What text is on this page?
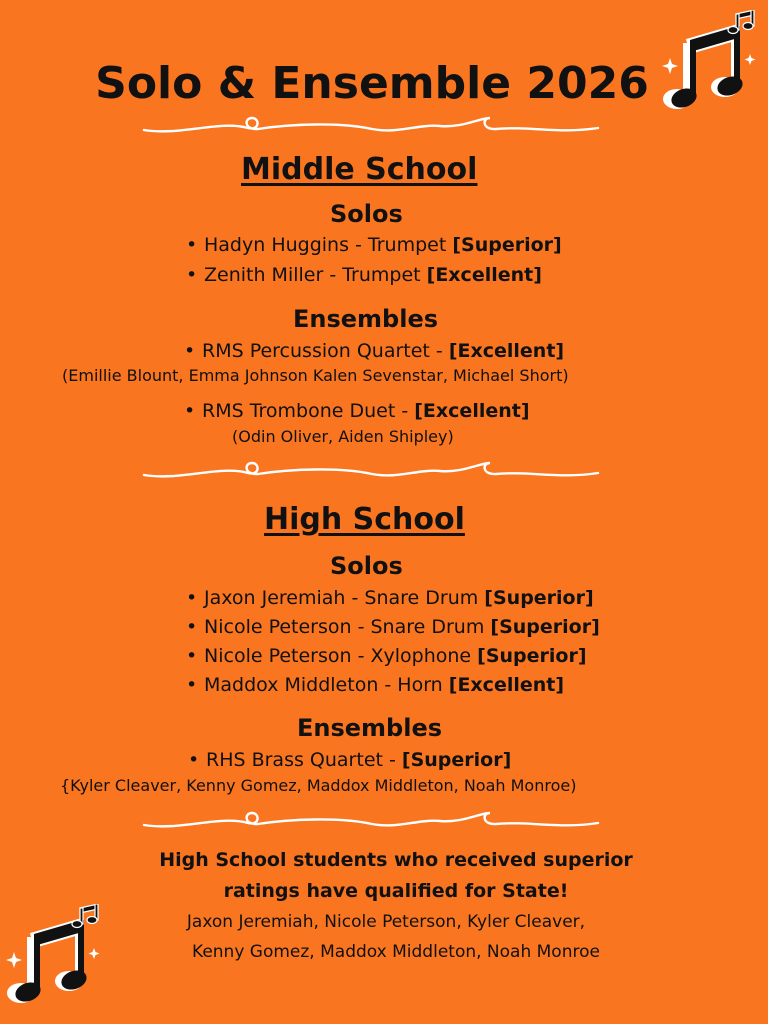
Solo & Ensemble 2026
Middle School
Solos
• Hadyn Huggins - Trumpet [Superior]
• Zenith Miller - Trumpet [Excellent]
Ensembles
• RMS Percussion Quartet - [Excellent]
(Emillie Blount, Emma Johnson Kalen Sevenstar, Michael Short)
• RMS Trombone Duet - [Excellent]
(Odin Oliver, Aiden Shipley)
High School
Solos
• Jaxon Jeremiah - Snare Drum [Superior]
• Nicole Peterson - Snare Drum [Superior]
• Nicole Peterson - Xylophone [Superior]
• Maddox Middleton - Horn [Excellent]
Ensembles
• RHS Brass Quartet - [Superior]
{Kyler Cleaver, Kenny Gomez, Maddox Middleton, Noah Monroe)
High School students who received superior
ratings have qualified for State!
Jaxon Jeremiah, Nicole Peterson, Kyler Cleaver,
Kenny Gomez, Maddox Middleton, Noah Monroe
